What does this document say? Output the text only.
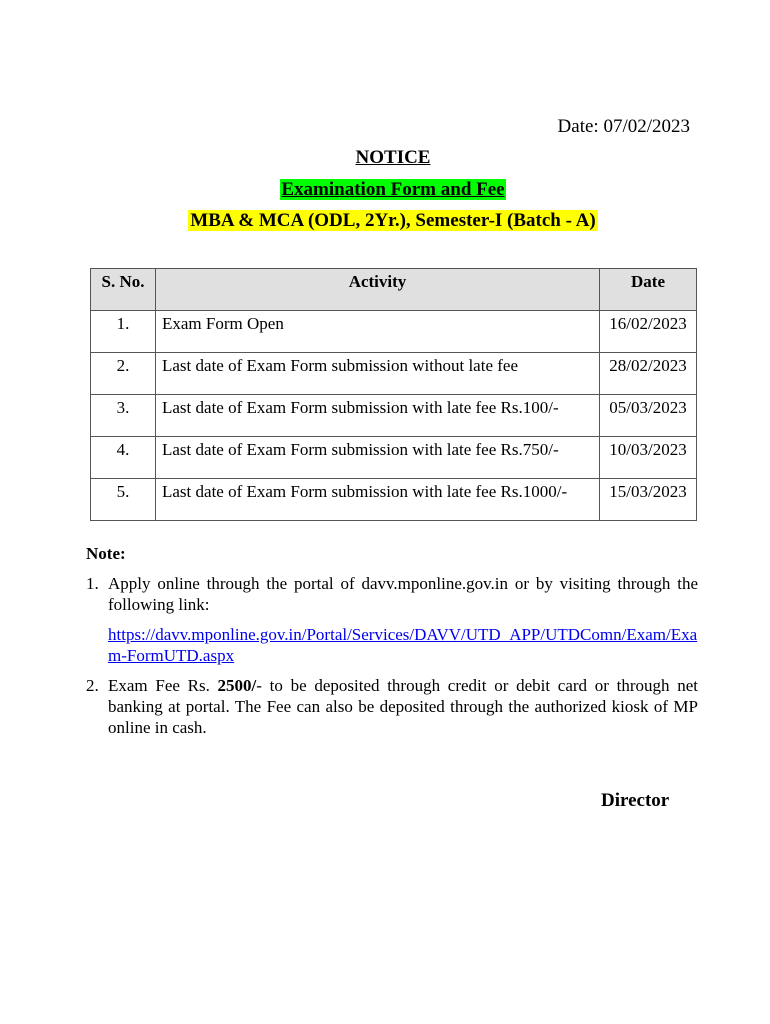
Date: 07/02/2023
NOTICE
Examination Form and Fee
MBA & MCA (ODL, 2Yr.), Semester-I (Batch - A)
S. No.	Activity	Date
1.	Exam Form Open	16/02/2023
2.	Last date of Exam Form submission without late fee	28/02/2023
3.	Last date of Exam Form submission with late fee Rs.100/-	05/03/2023
4.	Last date of Exam Form submission with late fee Rs.750/-	10/03/2023
5.	Last date of Exam Form submission with late fee Rs.1000/-	15/03/2023
Note:
1. Apply online through the portal of davv.mponline.gov.in or by visiting through the following link:
https://davv.mponline.gov.in/Portal/Services/DAVV/UTD_APP/UTDComn/Exam/Exam-FormUTD.aspx
2. Exam Fee Rs. 2500/- to be deposited through credit or debit card or through net banking at portal. The Fee can also be deposited through the authorized kiosk of MP online in cash.
Director
